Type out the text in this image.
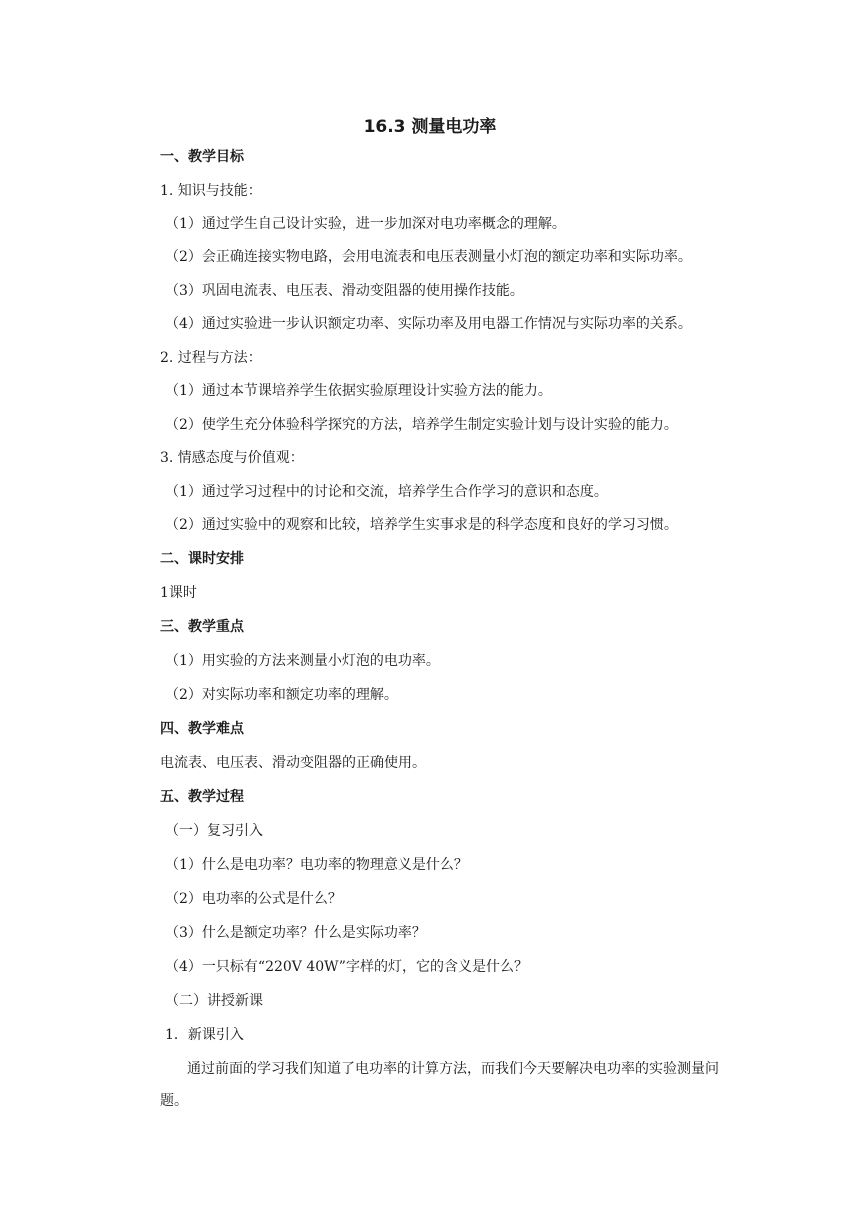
16.3 测量电功率
一、教学目标
1. 知识与技能：
（1）通过学生自己设计实验，进一步加深对电功率概念的理解。
（2）会正确连接实物电路，会用电流表和电压表测量小灯泡的额定功率和实际功率。
（3）巩固电流表、电压表、滑动变阻器的使用操作技能。
（4）通过实验进一步认识额定功率、实际功率及用电器工作情况与实际功率的关系。
2. 过程与方法：
（1）通过本节课培养学生依据实验原理设计实验方法的能力。
（2）使学生充分体验科学探究的方法，培养学生制定实验计划与设计实验的能力。
3. 情感态度与价值观：
（1）通过学习过程中的讨论和交流，培养学生合作学习的意识和态度。
（2）通过实验中的观察和比较，培养学生实事求是的科学态度和良好的学习习惯。
二、课时安排
1课时
三、教学重点
（1）用实验的方法来测量小灯泡的电功率。
（2）对实际功率和额定功率的理解。
四、教学难点
电流表、电压表、滑动变阻器的正确使用。
五、教学过程
（一）复习引入
（1）什么是电功率？电功率的物理意义是什么？
（2）电功率的公式是什么？
（3）什么是额定功率？什么是实际功率？
（4）一只标有“220V 40W”字样的灯，它的含义是什么？
（二）讲授新课
1．新课引入
通过前面的学习我们知道了电功率的计算方法，而我们今天要解决电功率的实验测量问
题。
